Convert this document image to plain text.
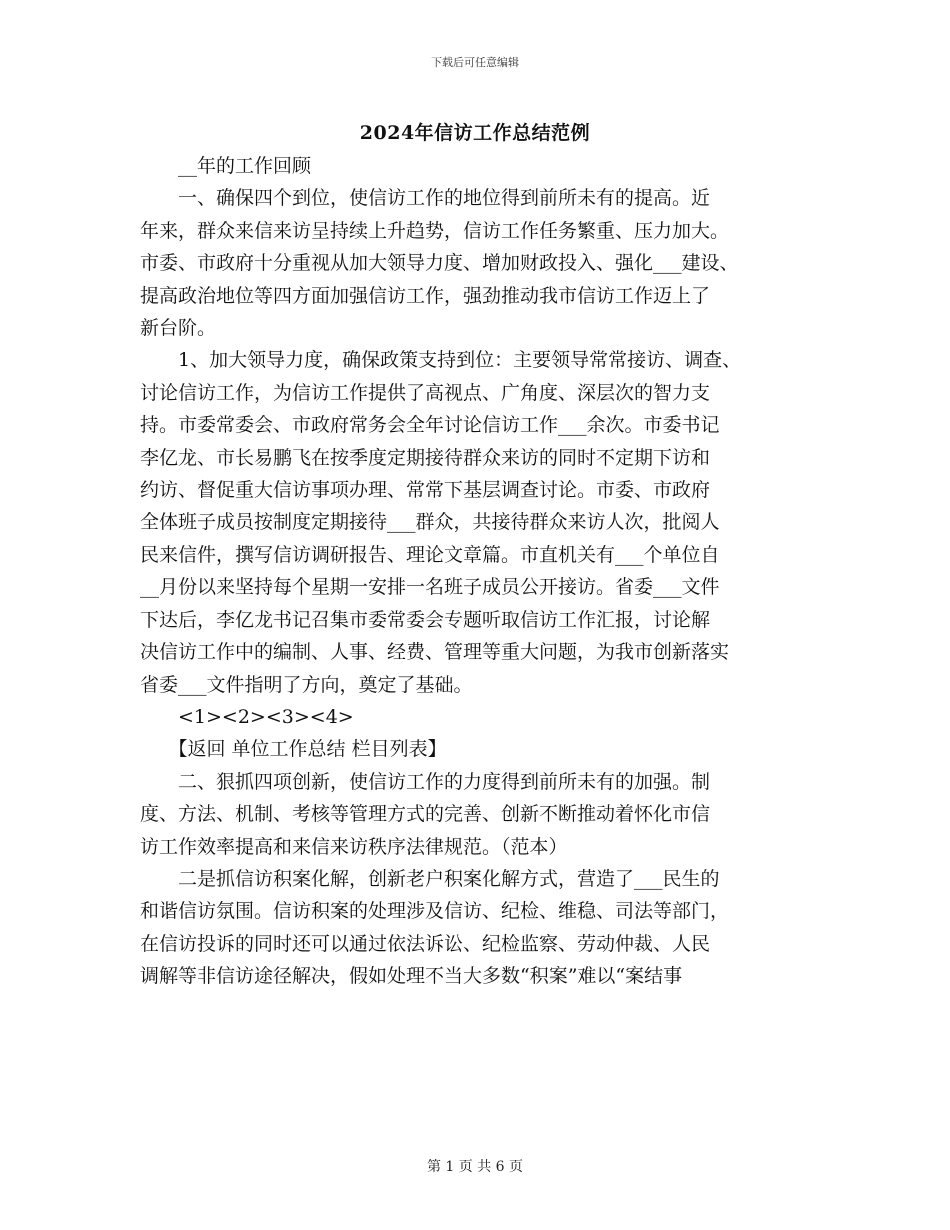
下载后可任意编辑
2024年信访工作总结范例

　　__年的工作回顾

　　一、确保四个到位，使信访工作的地位得到前所未有的提高。近

年来，群众来信来访呈持续上升趋势，信访工作任务繁重、压力加大。

市委、市政府十分重视从加大领导力度、增加财政投入、强化___建设、

提高政治地位等四方面加强信访工作，强劲推动我市信访工作迈上了

新台阶。

　　1、加大领导力度，确保政策支持到位：主要领导常常接访、调查、

讨论信访工作，为信访工作提供了高视点、广角度、深层次的智力支

持。市委常委会、市政府常务会全年讨论信访工作___余次。市委书记

李亿龙、市长易鹏飞在按季度定期接待群众来访的同时不定期下访和

约访、督促重大信访事项办理、常常下基层调查讨论。市委、市政府

全体班子成员按制度定期接待___群众，共接待群众来访人次，批阅人

民来信件，撰写信访调研报告、理论文章篇。市直机关有___个单位自

__月份以来坚持每个星期一安排一名班子成员公开接访。省委___文件

下达后，李亿龙书记召集市委常委会专题听取信访工作汇报，讨论解

决信访工作中的编制、人事、经费、管理等重大问题，为我市创新落实

省委___文件指明了方向，奠定了基础。

　　<1><2><3><4>

　　【返回 单位工作总结 栏目列表】

　　二、狠抓四项创新，使信访工作的力度得到前所未有的加强。制

度、方法、机制、考核等管理方式的完善、创新不断推动着怀化市信

访工作效率提高和来信来访秩序法律规范。（范本）

　　二是抓信访积案化解，创新老户积案化解方式，营造了___民生的

和谐信访氛围。信访积案的处理涉及信访、纪检、维稳、司法等部门，

在信访投诉的同时还可以通过依法诉讼、纪检监察、劳动仲裁、人民

调解等非信访途径解决，假如处理不当大多数“积案”难以“案结事

第 1 页 共 6 页
